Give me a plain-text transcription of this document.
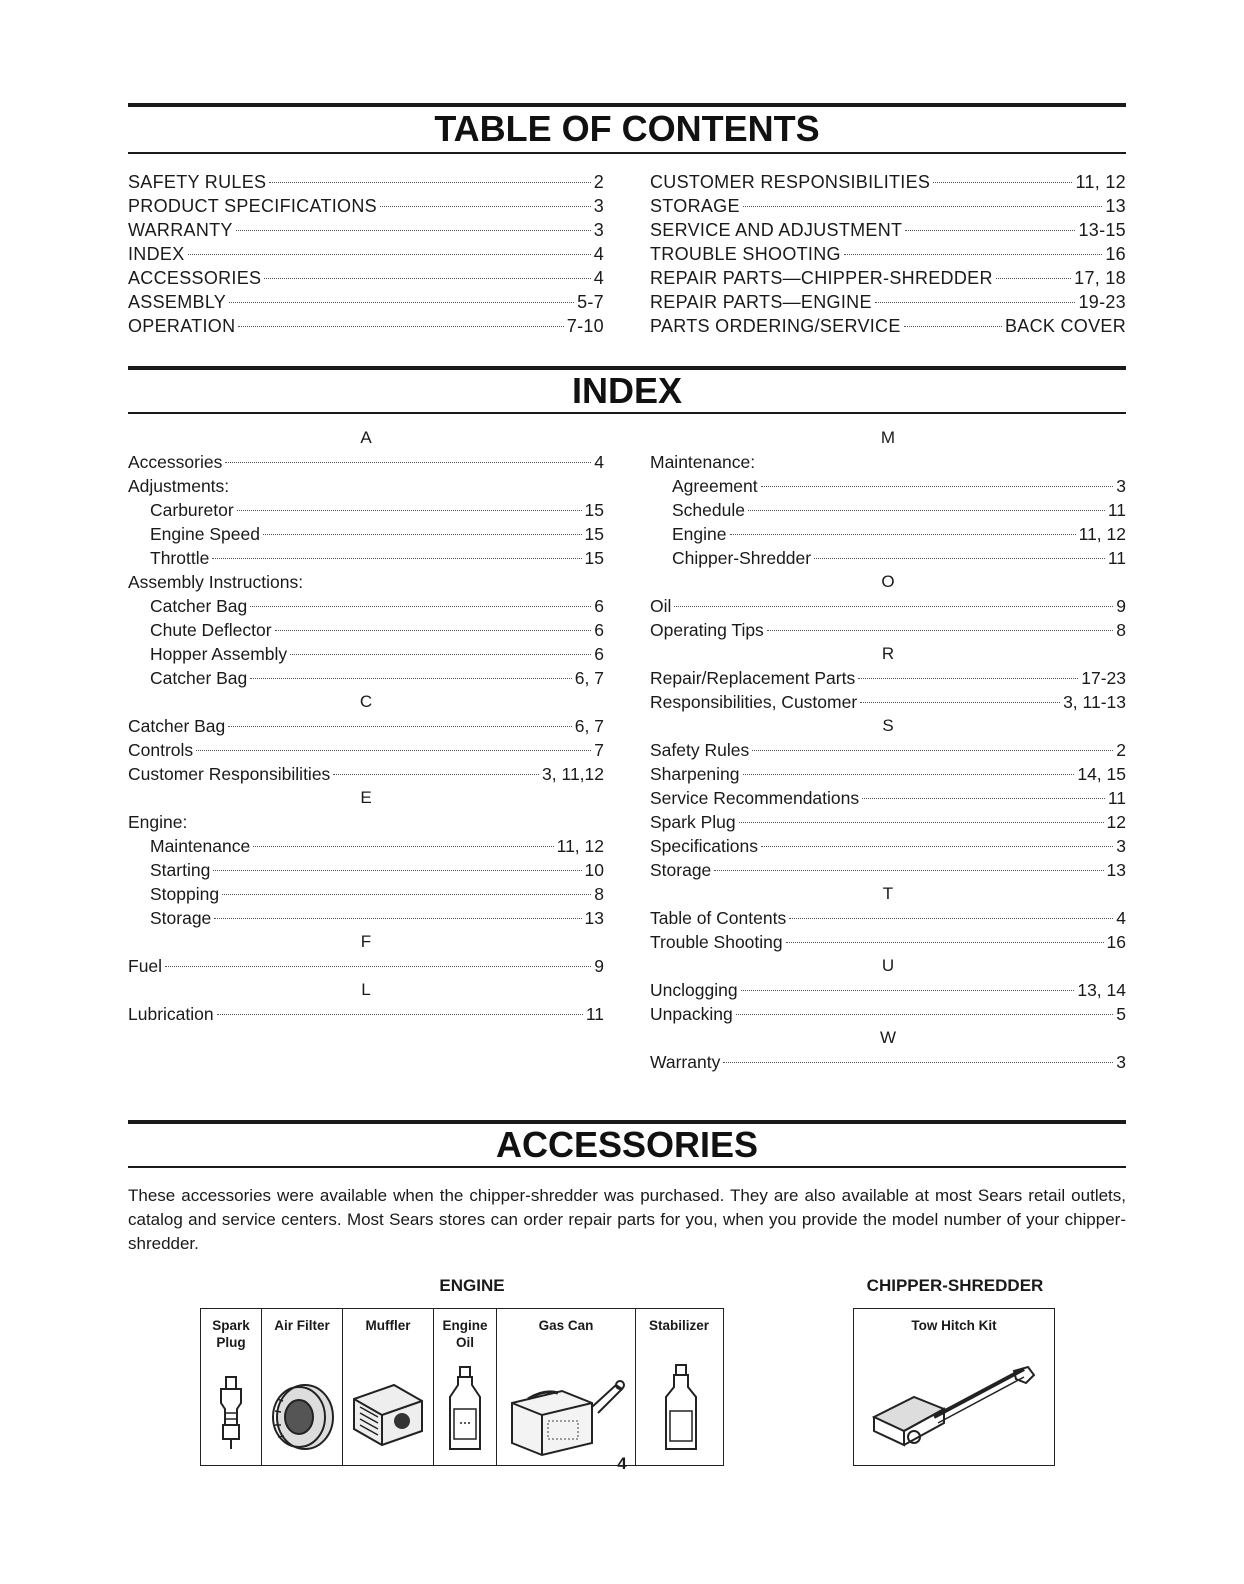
TABLE OF CONTENTS
SAFETY RULES	2
PRODUCT SPECIFICATIONS	3
WARRANTY	3
INDEX	4
ACCESSORIES	4
ASSEMBLY	5-7
OPERATION	7-10
CUSTOMER RESPONSIBILITIES	11, 12
STORAGE	13
SERVICE AND ADJUSTMENT	13-15
TROUBLE SHOOTING	16
REPAIR PARTS—CHIPPER-SHREDDER	17, 18
REPAIR PARTS—ENGINE	19-23
PARTS ORDERING/SERVICE	BACK COVER
INDEX
A
Accessories	4
Adjustments:
Carburetor	15
Engine Speed	15
Throttle	15
Assembly Instructions:
Catcher Bag	6
Chute Deflector	6
Hopper Assembly	6
Catcher Bag	6, 7
C
Catcher Bag	6, 7
Controls	7
Customer Responsibilities	3, 11,12
E
Engine:
Maintenance	11, 12
Starting	10
Stopping	8
Storage	13
F
Fuel	9
L
Lubrication	11
M
Maintenance:
Agreement	3
Schedule	11
Engine	11, 12
Chipper-Shredder	11
O
Oil	9
Operating Tips	8
R
Repair/Replacement Parts	17-23
Responsibilities, Customer	3, 11-13
S
Safety Rules	2
Sharpening	14, 15
Service Recommendations	11
Spark Plug	12
Specifications	3
Storage	13
T
Table of Contents	4
Trouble Shooting	16
U
Unclogging	13, 14
Unpacking	5
W
Warranty	3
ACCESSORIES
These accessories were available when the chipper-shredder was purchased. They are also available at most Sears retail outlets, catalog and service centers. Most Sears stores can order repair parts for you, when you provide the model number of your chipper-shredder.
ENGINE	CHIPPER-SHREDDER
Spark Plug
Air Filter	Muffler	Engine Oil
Gas Can	Stabilizer	Tow Hitch Kit
4
